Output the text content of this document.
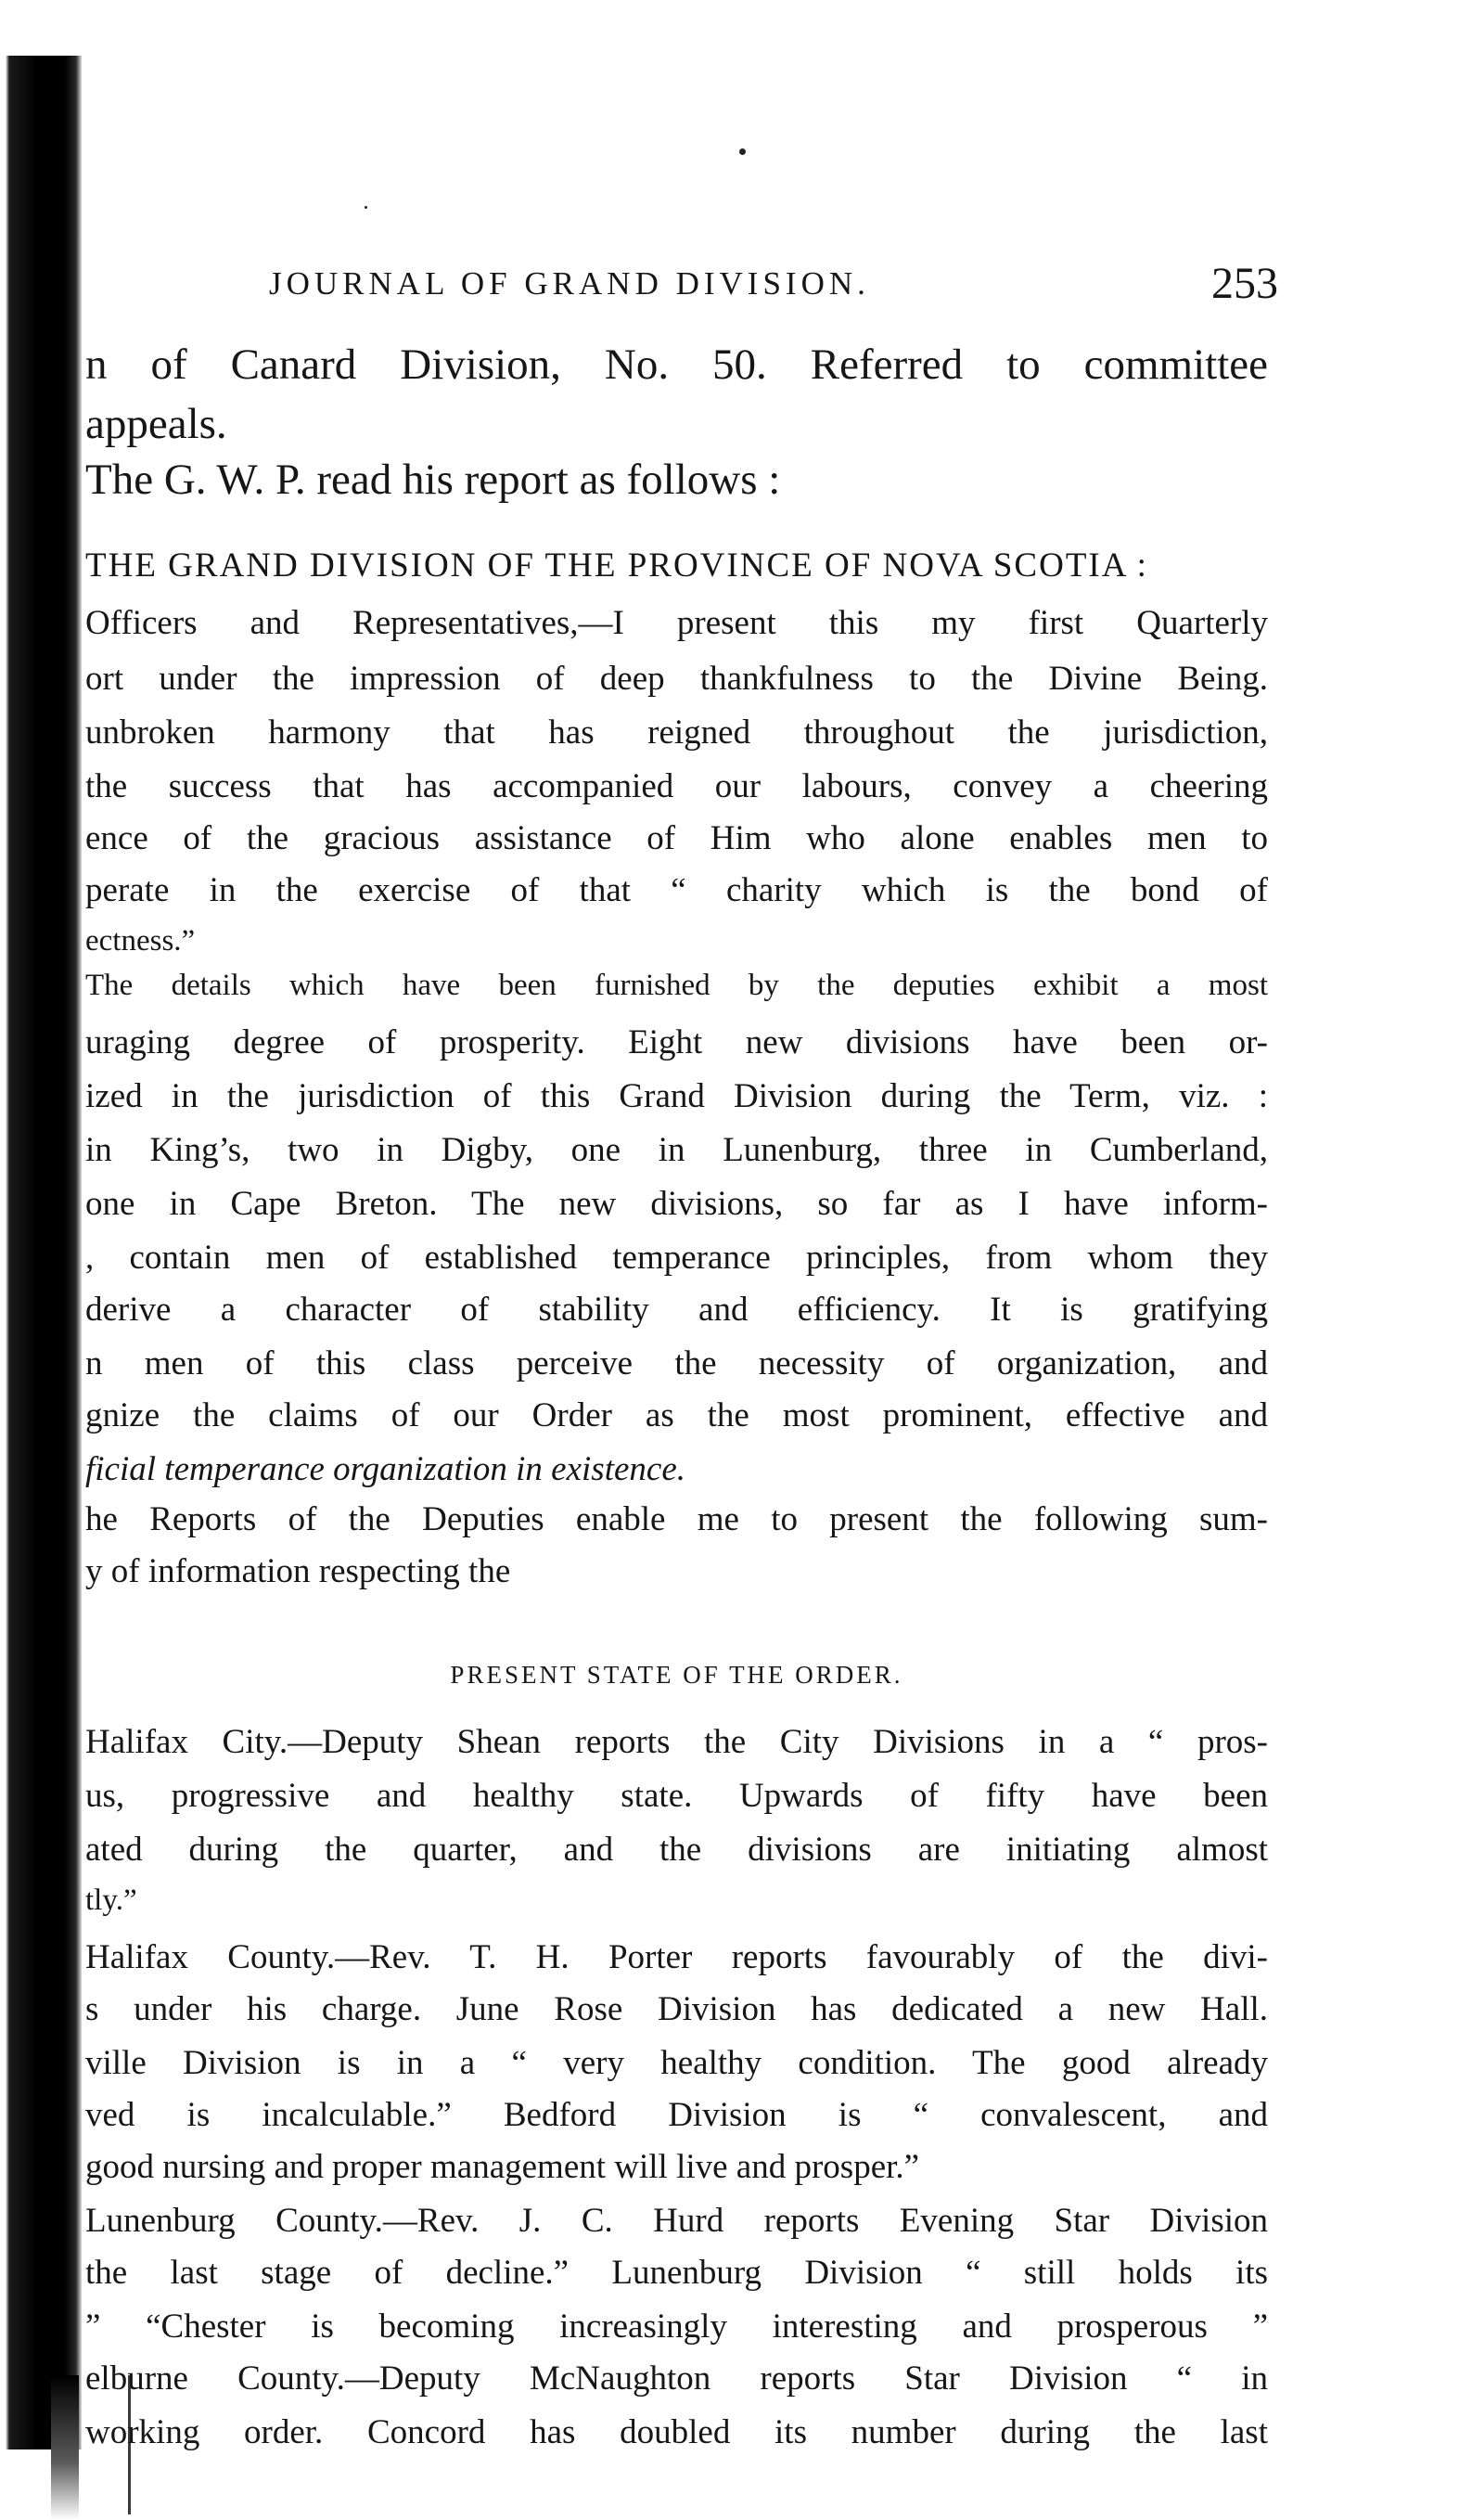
JOURNAL OF GRAND DIVISION.	253
n of Canard Division, No. 50. Referred to committee
appeals.
The G. W. P. read his report as follows :
THE GRAND DIVISION OF THE PROVINCE OF NOVA SCOTIA :
Officers and Representatives,—I present this my first Quarterly
ort under the impression of deep thankfulness to the Divine Being.
unbroken harmony that has reigned throughout the jurisdiction,
the success that has accompanied our labours, convey a cheering
ence of the gracious assistance of Him who alone enables men to
perate in the exercise of that “ charity which is the bond of
ectness.”
The details which have been furnished by the deputies exhibit a most
uraging degree of prosperity. Eight new divisions have been or-
ized in the jurisdiction of this Grand Division during the Term, viz. :
in King’s, two in Digby, one in Lunenburg, three in Cumberland,
one in Cape Breton. The new divisions, so far as I have inform-
, contain men of established temperance principles, from whom they
derive a character of stability and efficiency. It is gratifying
n men of this class perceive the necessity of organization, and
gnize the claims of our Order as the most prominent, effective and
ficial temperance organization in existence.
he Reports of the Deputies enable me to present the following sum-
y of information respecting the
PRESENT STATE OF THE ORDER.
Halifax City.—Deputy Shean reports the City Divisions in a “ pros-
us, progressive and healthy state. Upwards of fifty have been
ated during the quarter, and the divisions are initiating almost
tly.”
Halifax County.—Rev. T. H. Porter reports favourably of the divi-
s under his charge. June Rose Division has dedicated a new Hall.
ville Division is in a “ very healthy condition. The good already
ved is incalculable.” Bedford Division is “ convalescent, and
good nursing and proper management will live and prosper.”
Lunenburg County.—Rev. J. C. Hurd reports Evening Star Division
the last stage of decline.” Lunenburg Division “ still holds its
” “Chester is becoming increasingly interesting and prosperous ”
elburne County.—Deputy McNaughton reports Star Division “ in
working order. Concord has doubled its number during the last
